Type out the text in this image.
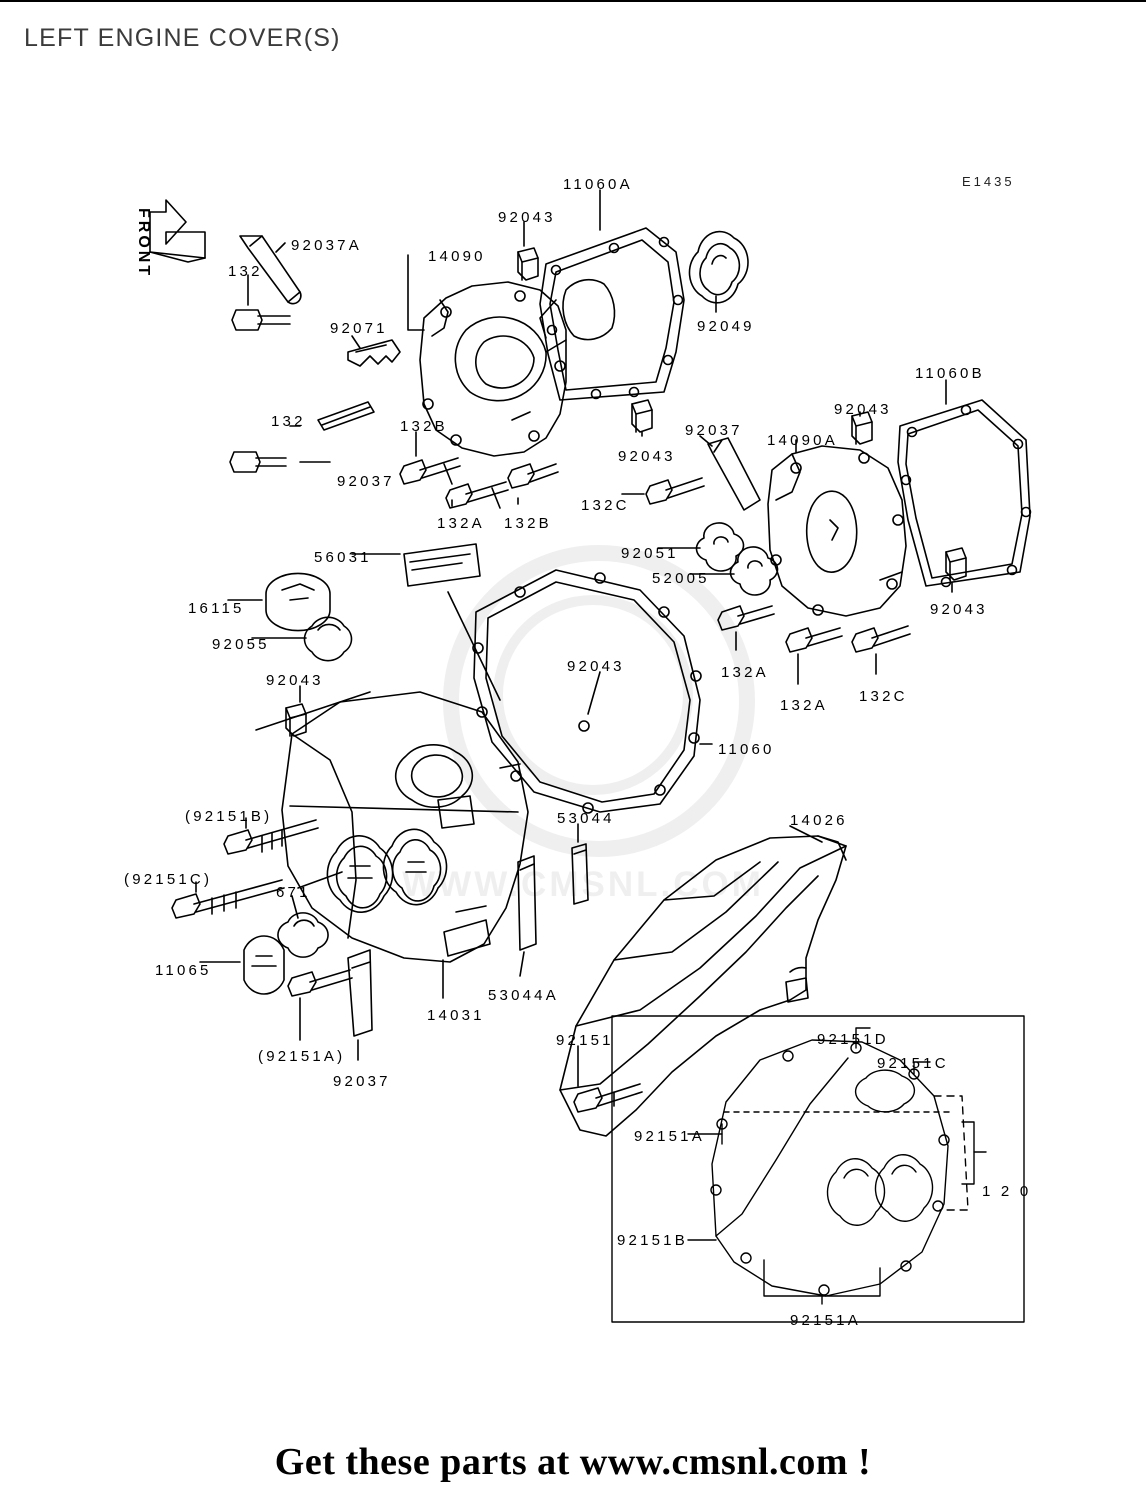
LEFT ENGINE COVER(S)
E1435
WWW.CMSNL.COM
FRONT	92037A
132
92043
11060A
14090
92049
92071
132	132B
92037
132A 132B
92043
92037
132C
14090A
92043
11060B
92043
92051
52005
132A
132A
132C
56031
16115
92055
92043
92043
11060
53044	14026
(92151B)
(92151C)
671
11065
14031
53044A
92151
(92151A)
92037
92151D
92151C
92151A
92151B
1 2 0
92151A
Get these parts at www.cmsnl.com !
